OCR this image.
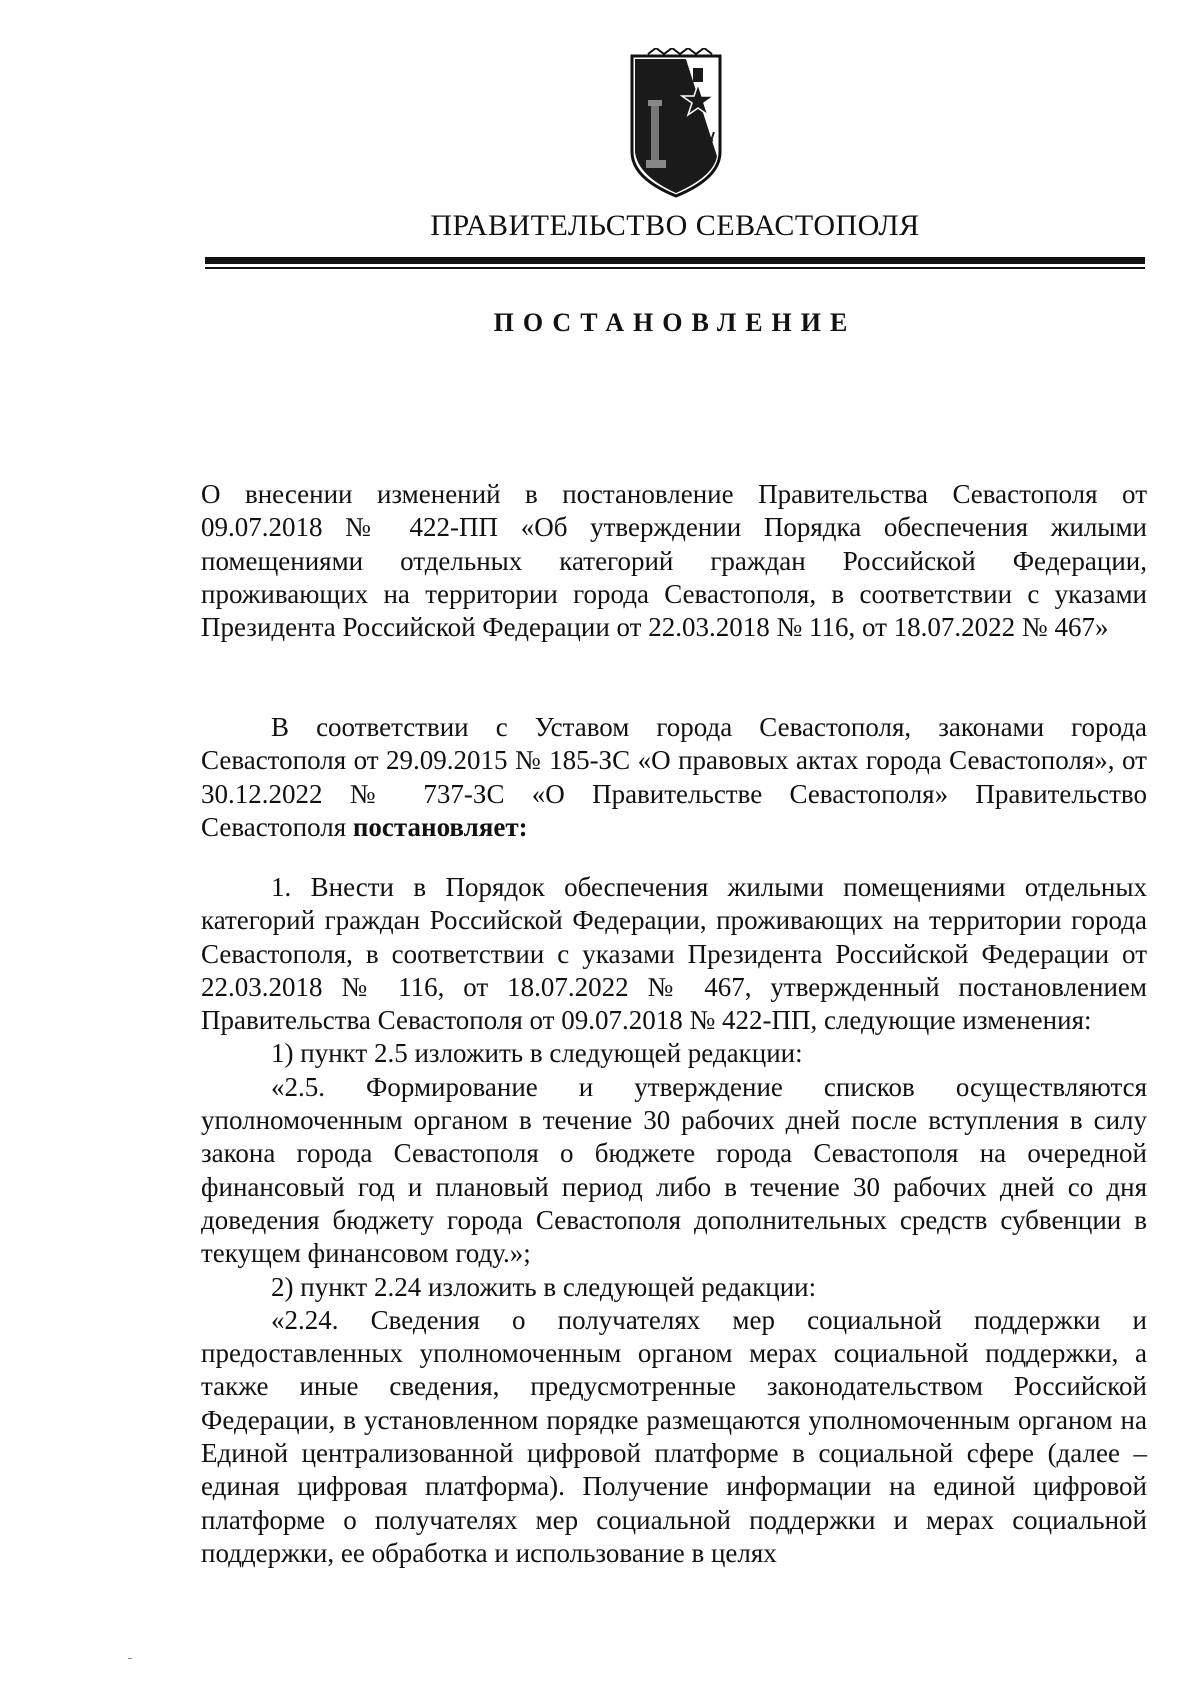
ПРАВИТЕЛЬСТВО СЕВАСТОПОЛЯ
ПОСТАНОВЛЕНИЕ

О внесении изменений в постановление Правительства Севастополя от 09.07.2018 № 422-ПП «Об утверждении Порядка обеспечения жилыми помещениями отдельных категорий граждан Российской Федерации, проживающих на территории города Севастополя, в соответствии с указами Президента Российской Федерации от 22.03.2018 № 116, от 18.07.2022 № 467»

В соответствии с Уставом города Севастополя, законами города Севастополя от 29.09.2015 № 185-ЗС «О правовых актах города Севастополя», от 30.12.2022 № 737-ЗС «О Правительстве Севастополя» Правительство Севастополя постановляет:

1. Внести в Порядок обеспечения жилыми помещениями отдельных категорий граждан Российской Федерации, проживающих на территории города Севастополя, в соответствии с указами Президента Российской Федерации от 22.03.2018 № 116, от 18.07.2022 № 467, утвержденный постановлением Правительства Севастополя от 09.07.2018 № 422-ПП, следующие изменения:

1) пункт 2.5 изложить в следующей редакции:

«2.5. Формирование и утверждение списков осуществляются уполномоченным органом в течение 30 рабочих дней после вступления в силу закона города Севастополя о бюджете города Севастополя на очередной финансовый год и плановый период либо в течение 30 рабочих дней со дня доведения бюджету города Севастополя дополнительных средств субвенции в текущем финансовом году.»;

2) пункт 2.24 изложить в следующей редакции:

«2.24. Сведения о получателях мер социальной поддержки и предоставленных уполномоченным органом мерах социальной поддержки, а также иные сведения, предусмотренные законодательством Российской Федерации, в установленном порядке размещаются уполномоченным органом на Единой централизованной цифровой платформе в социальной сфере (далее – единая цифровая платформа). Получение информации на единой цифровой платформе о получателях мер социальной поддержки и мерах социальной поддержки, ее обработка и использование в целях
